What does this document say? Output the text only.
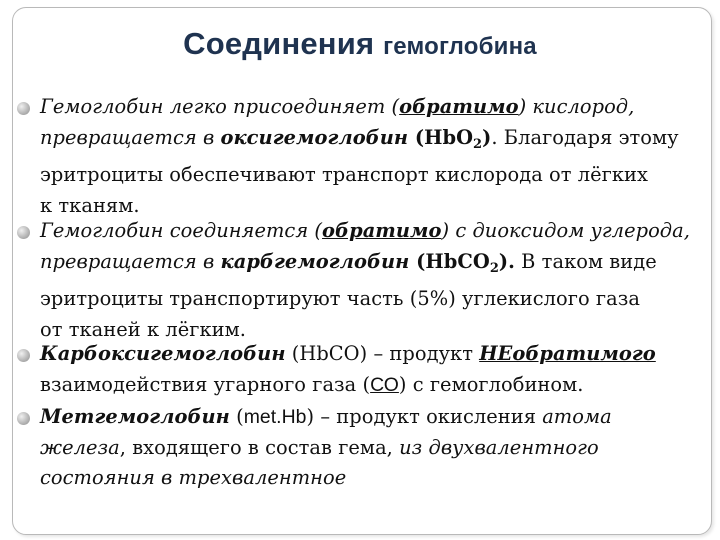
Соединения гемоглобина
Гемоглобин легко присоединяет (обратимо) кислород,
превращается в оксигемоглобин (HbO$_2$). Благодаря этому
эритроциты обеспечивают транспорт кислорода от лёгких
к тканям.
Гемоглобин соединяется (обратимо) с диоксидом углерода,
превращается в карбгемоглобин (HbCO$_2$). В таком виде
эритроциты транспортируют часть (5%) углекислого газа
от тканей к лёгким.
Карбоксигемоглобин (HbCO) – продукт НЕобратимого
взаимодействия угарного газа (СО) с гемоглобином.
Метгемоглобин (met.Hb) – продукт окисления атома
железа, входящего в состав гема, из двухвалентного
состояния в трехвалентное
